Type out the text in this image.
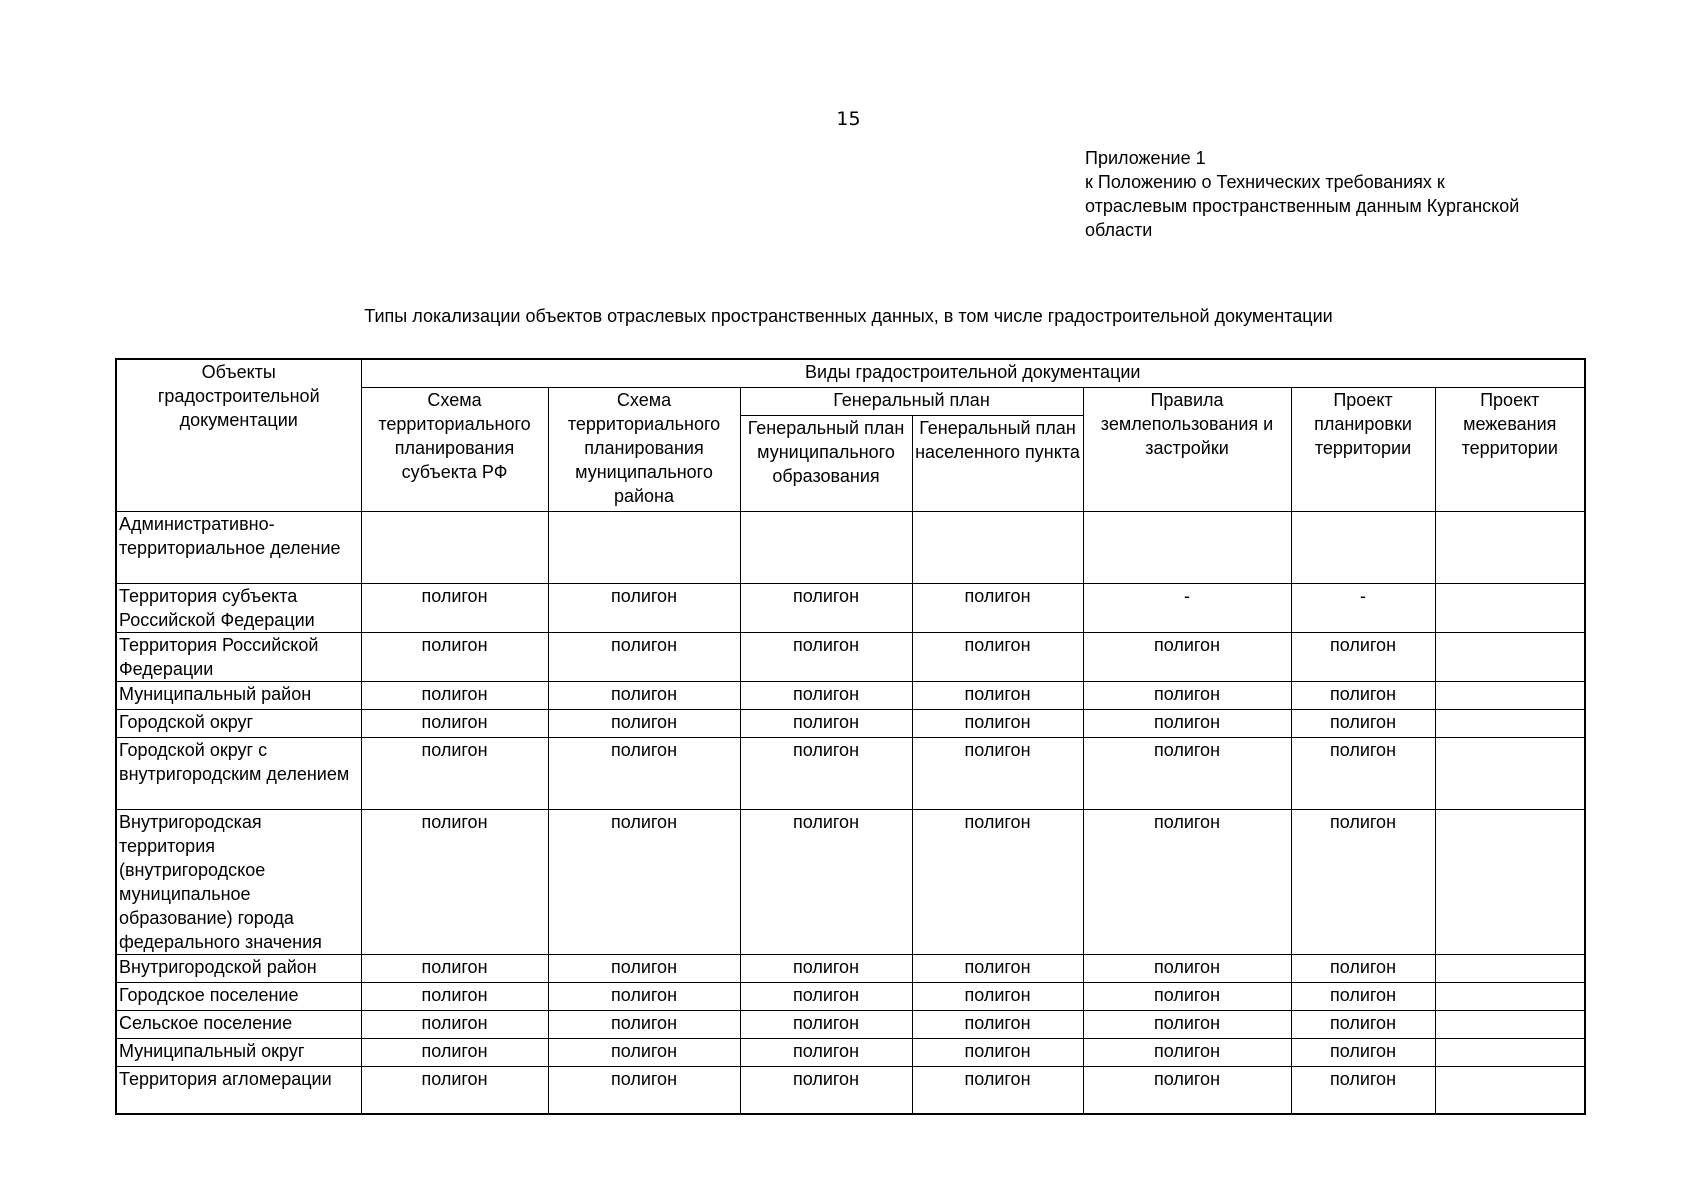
15
Приложение 1
к Положению о Технических требованиях к
отраслевым пространственным данным Курганской
области
Типы локализации объектов отраслевых пространственных данных, в том числе градостроительной документации
Объекты градостроительной документации	Виды градостроительной документации						
	Схема территориального планирования субъекта РФ	Схема территориального планирования муниципального района	Генеральный план		Правила землепользования и застройки	Проект планировки территории	Проект межевания территории
			Генеральный план муниципального образования	Генеральный план населенного пункта			
Административно-территориальное деление							
Территория субъекта Российской Федерации	полигон	полигон	полигон	полигон	-	-	
Территория Российской Федерации	полигон	полигон	полигон	полигон	полигон	полигон	
Муниципальный район	полигон	полигон	полигон	полигон	полигон	полигон	
Городской округ	полигон	полигон	полигон	полигон	полигон	полигон	
Городской округ с внутригородским делением	полигон	полигон	полигон	полигон	полигон	полигон	
Внутригородская территория (внутригородское муниципальное образование) города федерального значения	полигон	полигон	полигон	полигон	полигон	полигон	
Внутригородской район	полигон	полигон	полигон	полигон	полигон	полигон	
Городское поселение	полигон	полигон	полигон	полигон	полигон	полигон	
Сельское поселение	полигон	полигон	полигон	полигон	полигон	полигон	
Муниципальный округ	полигон	полигон	полигон	полигон	полигон	полигон	
Территория агломерации	полигон	полигон	полигон	полигон	полигон	полигон	
